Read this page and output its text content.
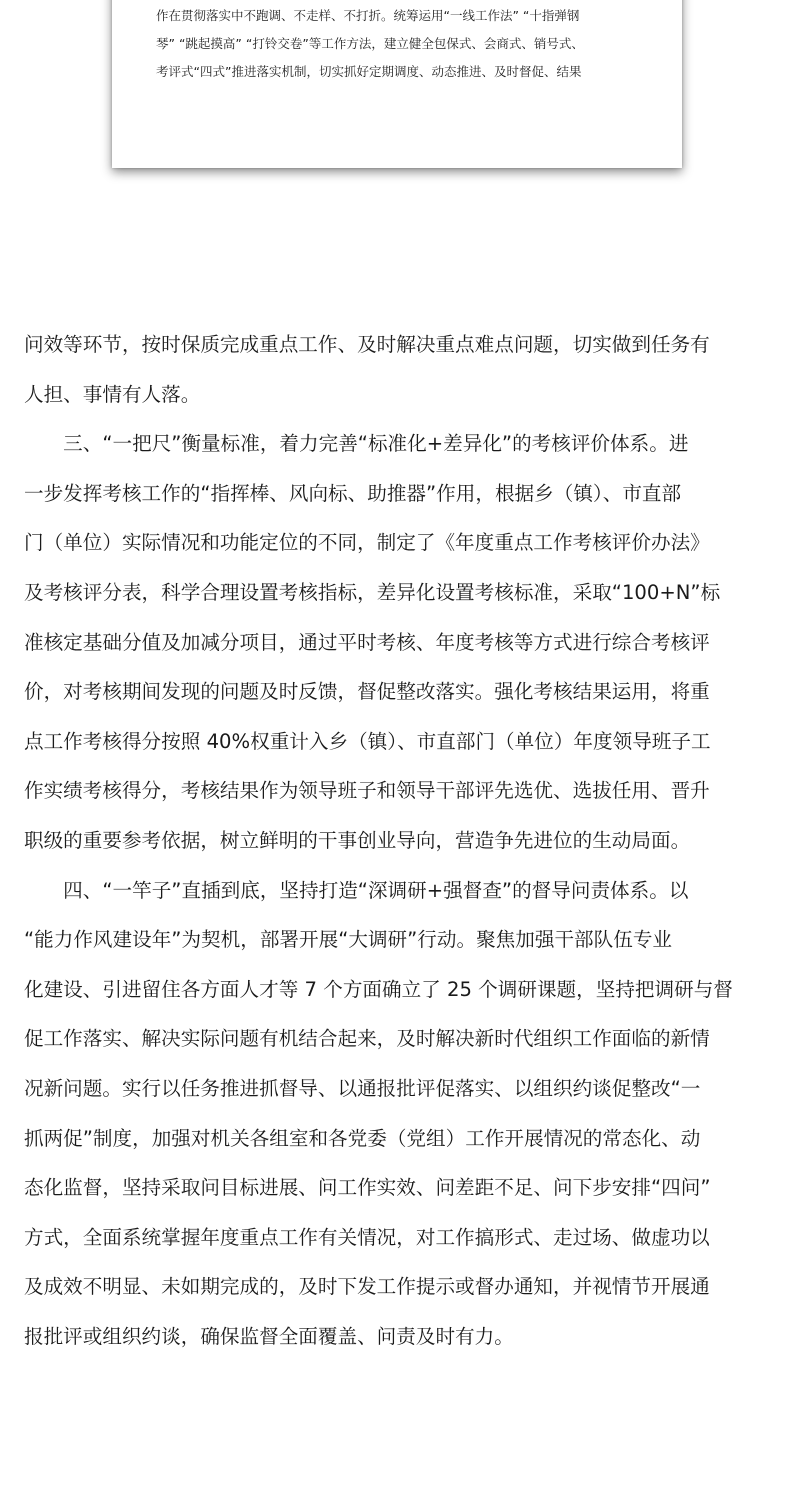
作在贯彻落实中不跑调、不走样、不打折。统筹运用“一线工作法” “十指弹钢
琴” “跳起摸高” “打铃交卷”等工作方法，建立健全包保式、会商式、销号式、
考评式“四式”推进落实机制，切实抓好定期调度、动态推进、及时督促、结果
问效等环节，按时保质完成重点工作、及时解决重点难点问题，切实做到任务有
人担、事情有人落。
　　三、“一把尺”衡量标准，着力完善“标准化+差异化”的考核评价体系。进
一步发挥考核工作的“指挥棒、风向标、助推器”作用，根据乡（镇）、市直部
门（单位）实际情况和功能定位的不同，制定了《年度重点工作考核评价办法》
及考核评分表，科学合理设置考核指标，差异化设置考核标准，采取“100+N”标
准核定基础分值及加减分项目，通过平时考核、年度考核等方式进行综合考核评
价，对考核期间发现的问题及时反馈，督促整改落实。强化考核结果运用，将重
点工作考核得分按照 40%权重计入乡（镇）、市直部门（单位）年度领导班子工
作实绩考核得分，考核结果作为领导班子和领导干部评先选优、选拔任用、晋升
职级的重要参考依据，树立鲜明的干事创业导向，营造争先进位的生动局面。
　　四、“一竿子”直插到底，坚持打造“深调研+强督查”的督导问责体系。以
“能力作风建设年”为契机，部署开展“大调研”行动。聚焦加强干部队伍专业
化建设、引进留住各方面人才等 7 个方面确立了 25 个调研课题，坚持把调研与督
促工作落实、解决实际问题有机结合起来，及时解决新时代组织工作面临的新情
况新问题。实行以任务推进抓督导、以通报批评促落实、以组织约谈促整改“一
抓两促”制度，加强对机关各组室和各党委（党组）工作开展情况的常态化、动
态化监督，坚持采取问目标进展、问工作实效、问差距不足、问下步安排“四问”
方式，全面系统掌握年度重点工作有关情况，对工作搞形式、走过场、做虚功以
及成效不明显、未如期完成的，及时下发工作提示或督办通知，并视情节开展通
报批评或组织约谈，确保监督全面覆盖、问责及时有力。
